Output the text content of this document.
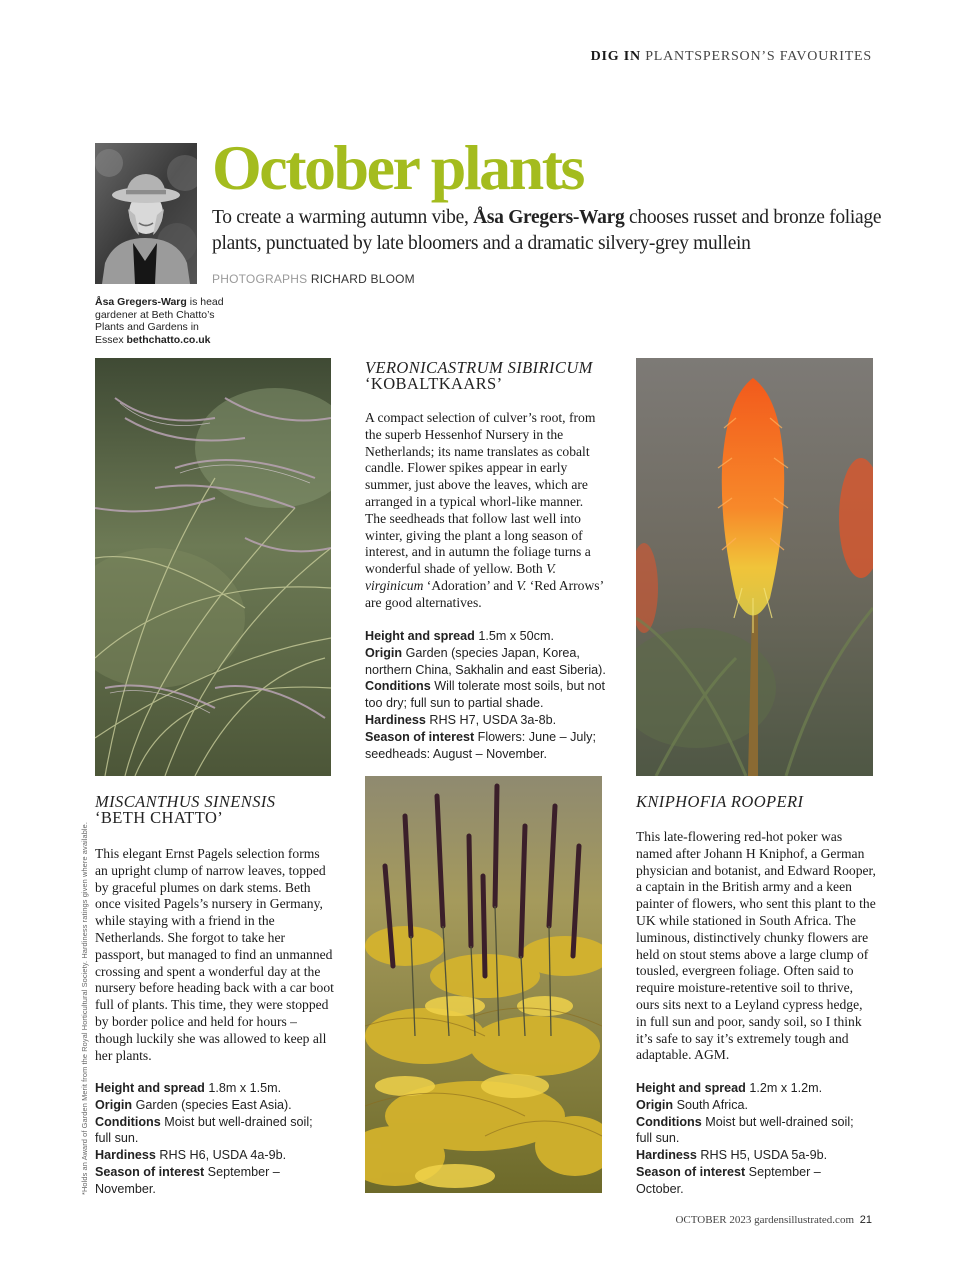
DIG IN PLANTSPERSON’S FAVOURITES
Åsa Gregers-Warg is head gardener at Beth Chatto’s Plants and Gardens in Essex bethchatto.co.uk
October plants
To create a warming autumn vibe, Åsa Gregers-Warg chooses russet and bronze foliage plants, punctuated by late bloomers and a dramatic silvery-grey mullein
PHOTOGRAPHS RICHARD BLOOM
VERONICASTRUM SIBIRICUM
‘KOBALTKAARS’

A compact selection of culver’s root, from the superb Hessenhof Nursery in the Netherlands; its name translates as cobalt candle. Flower spikes appear in early summer, just above the leaves, which are arranged in a typical whorl-like manner. The seedheads that follow last well into winter, giving the plant a long season of interest, and in autumn the foliage turns a wonderful shade of yellow. Both V. virginicum ‘Adoration’ and V. ‘Red Arrows’ are good alternatives.

Height and spread 1.5m x 50cm.
Origin Garden (species Japan, Korea, northern China, Sakhalin and east Siberia).
Conditions Will tolerate most soils, but not too dry; full sun to partial shade.
Hardiness RHS H7, USDA 3a-8b.
Season of interest Flowers: June – July; seedheads: August – November.
MISCANTHUS SINENSIS
‘BETH CHATTO’

This elegant Ernst Pagels selection forms an upright clump of narrow leaves, topped by graceful plumes on dark stems. Beth once visited Pagels’s nursery in Germany, while staying with a friend in the Netherlands. She forgot to take her passport, but managed to find an unmanned crossing and spent a wonderful day at the nursery before heading back with a car boot full of plants. This time, they were stopped by border police and held for hours – though luckily she was allowed to keep all her plants.

Height and spread 1.8m x 1.5m.
Origin Garden (species East Asia).
Conditions Moist but well-drained soil; full sun.
Hardiness RHS H6, USDA 4a-9b.
Season of interest September – November.
KNIPHOFIA ROOPERI

This late-flowering red-hot poker was named after Johann H Kniphof, a German physician and botanist, and Edward Rooper, a captain in the British army and a keen painter of flowers, who sent this plant to the UK while stationed in South Africa. The luminous, distinctively chunky flowers are held on stout stems above a large clump of tousled, evergreen foliage. Often said to require moisture-retentive soil to thrive, ours sits next to a Leyland cypress hedge, in full sun and poor, sandy soil, so I think it’s safe to say it’s extremely tough and adaptable. AGM.

Height and spread 1.2m x 1.2m.
Origin South Africa.
Conditions Moist but well-drained soil; full sun.
Hardiness RHS H5, USDA 5a-9b.
Season of interest September – October.
*Holds an Award of Garden Merit from the Royal Horticultural Society. Hardiness ratings given where available.
OCTOBER 2023 gardensillustrated.com 21
